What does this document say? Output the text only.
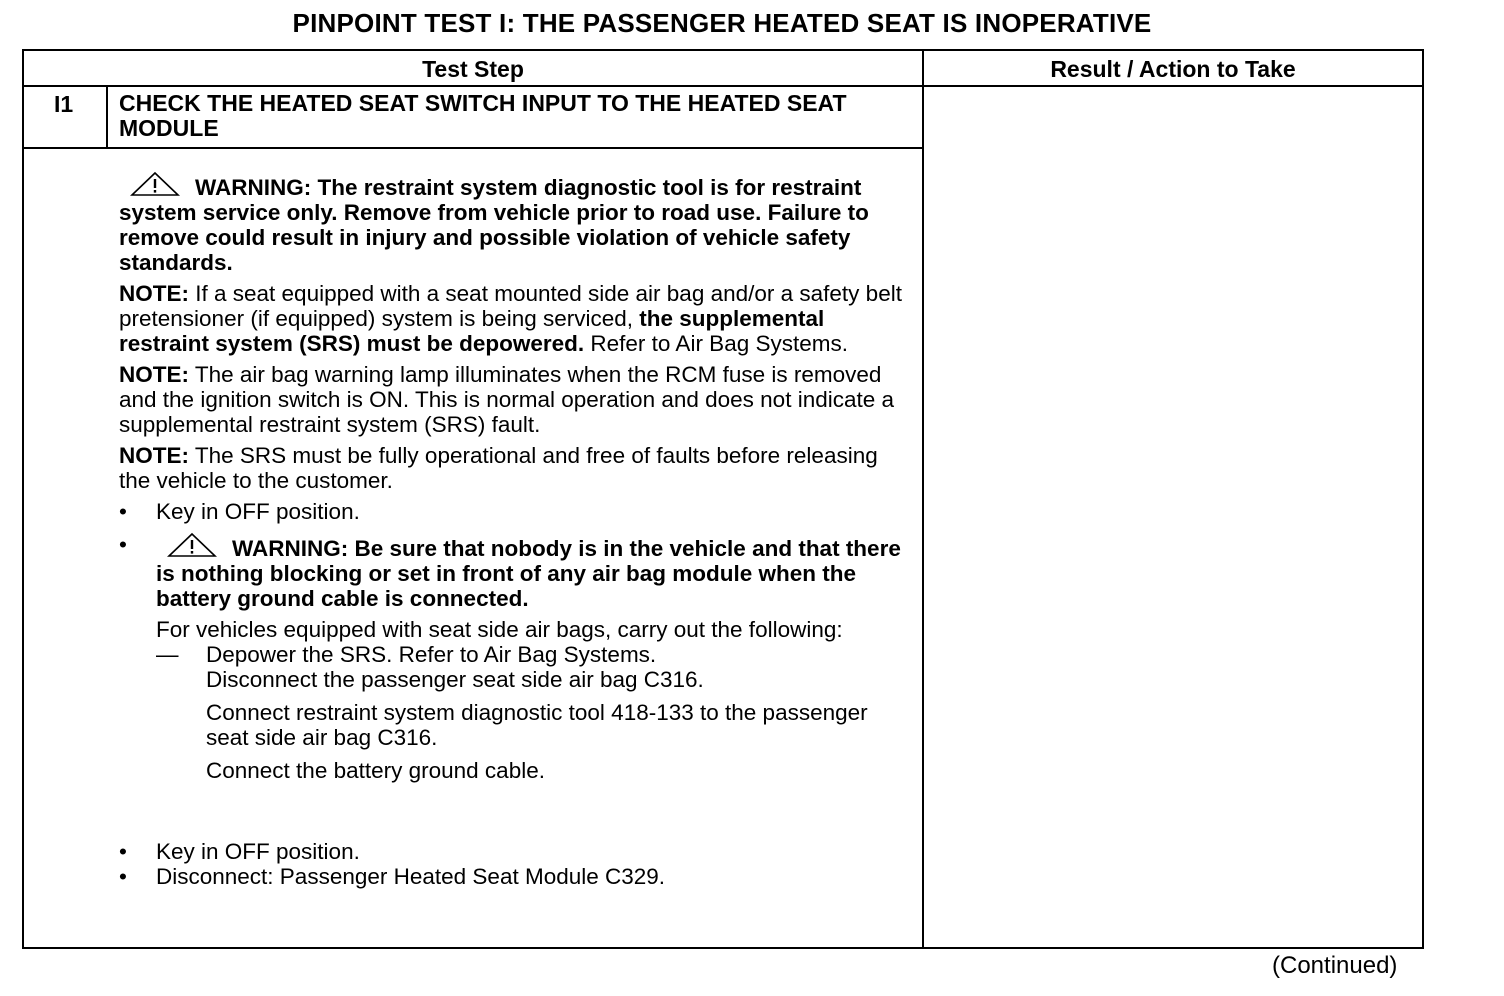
PINPOINT TEST I: THE PASSENGER HEATED SEAT IS INOPERATIVE
Test Step	Result / Action to Take
I1 CHECK THE HEATED SEAT SWITCH INPUT TO THE HEATED SEAT MODULE

WARNING: The restraint system diagnostic tool is for restraint system service only. Remove from vehicle prior to road use. Failure to remove could result in injury and possible violation of vehicle safety standards.

NOTE: If a seat equipped with a seat mounted side air bag and/or a safety belt pretensioner (if equipped) system is being serviced, the supplemental restraint system (SRS) must be depowered. Refer to Air Bag Systems.

NOTE: The air bag warning lamp illuminates when the RCM fuse is removed and the ignition switch is ON. This is normal operation and does not indicate a supplemental restraint system (SRS) fault.

NOTE: The SRS must be fully operational and free of faults before releasing the vehicle to the customer.

• Key in OFF position.

•	WARNING: Be sure that nobody is in the vehicle and that there is nothing blocking or set in front of any air bag module when the battery ground cable is connected.

For vehicles equipped with seat side air bags, carry out the following:

— Depower the SRS. Refer to Air Bag Systems.

Disconnect the passenger seat side air bag C316.

Connect restraint system diagnostic tool 418-133 to the passenger seat side air bag C316.

Connect the battery ground cable.

• Key in OFF position.

• Disconnect: Passenger Heated Seat Module C329.

(Continued)
